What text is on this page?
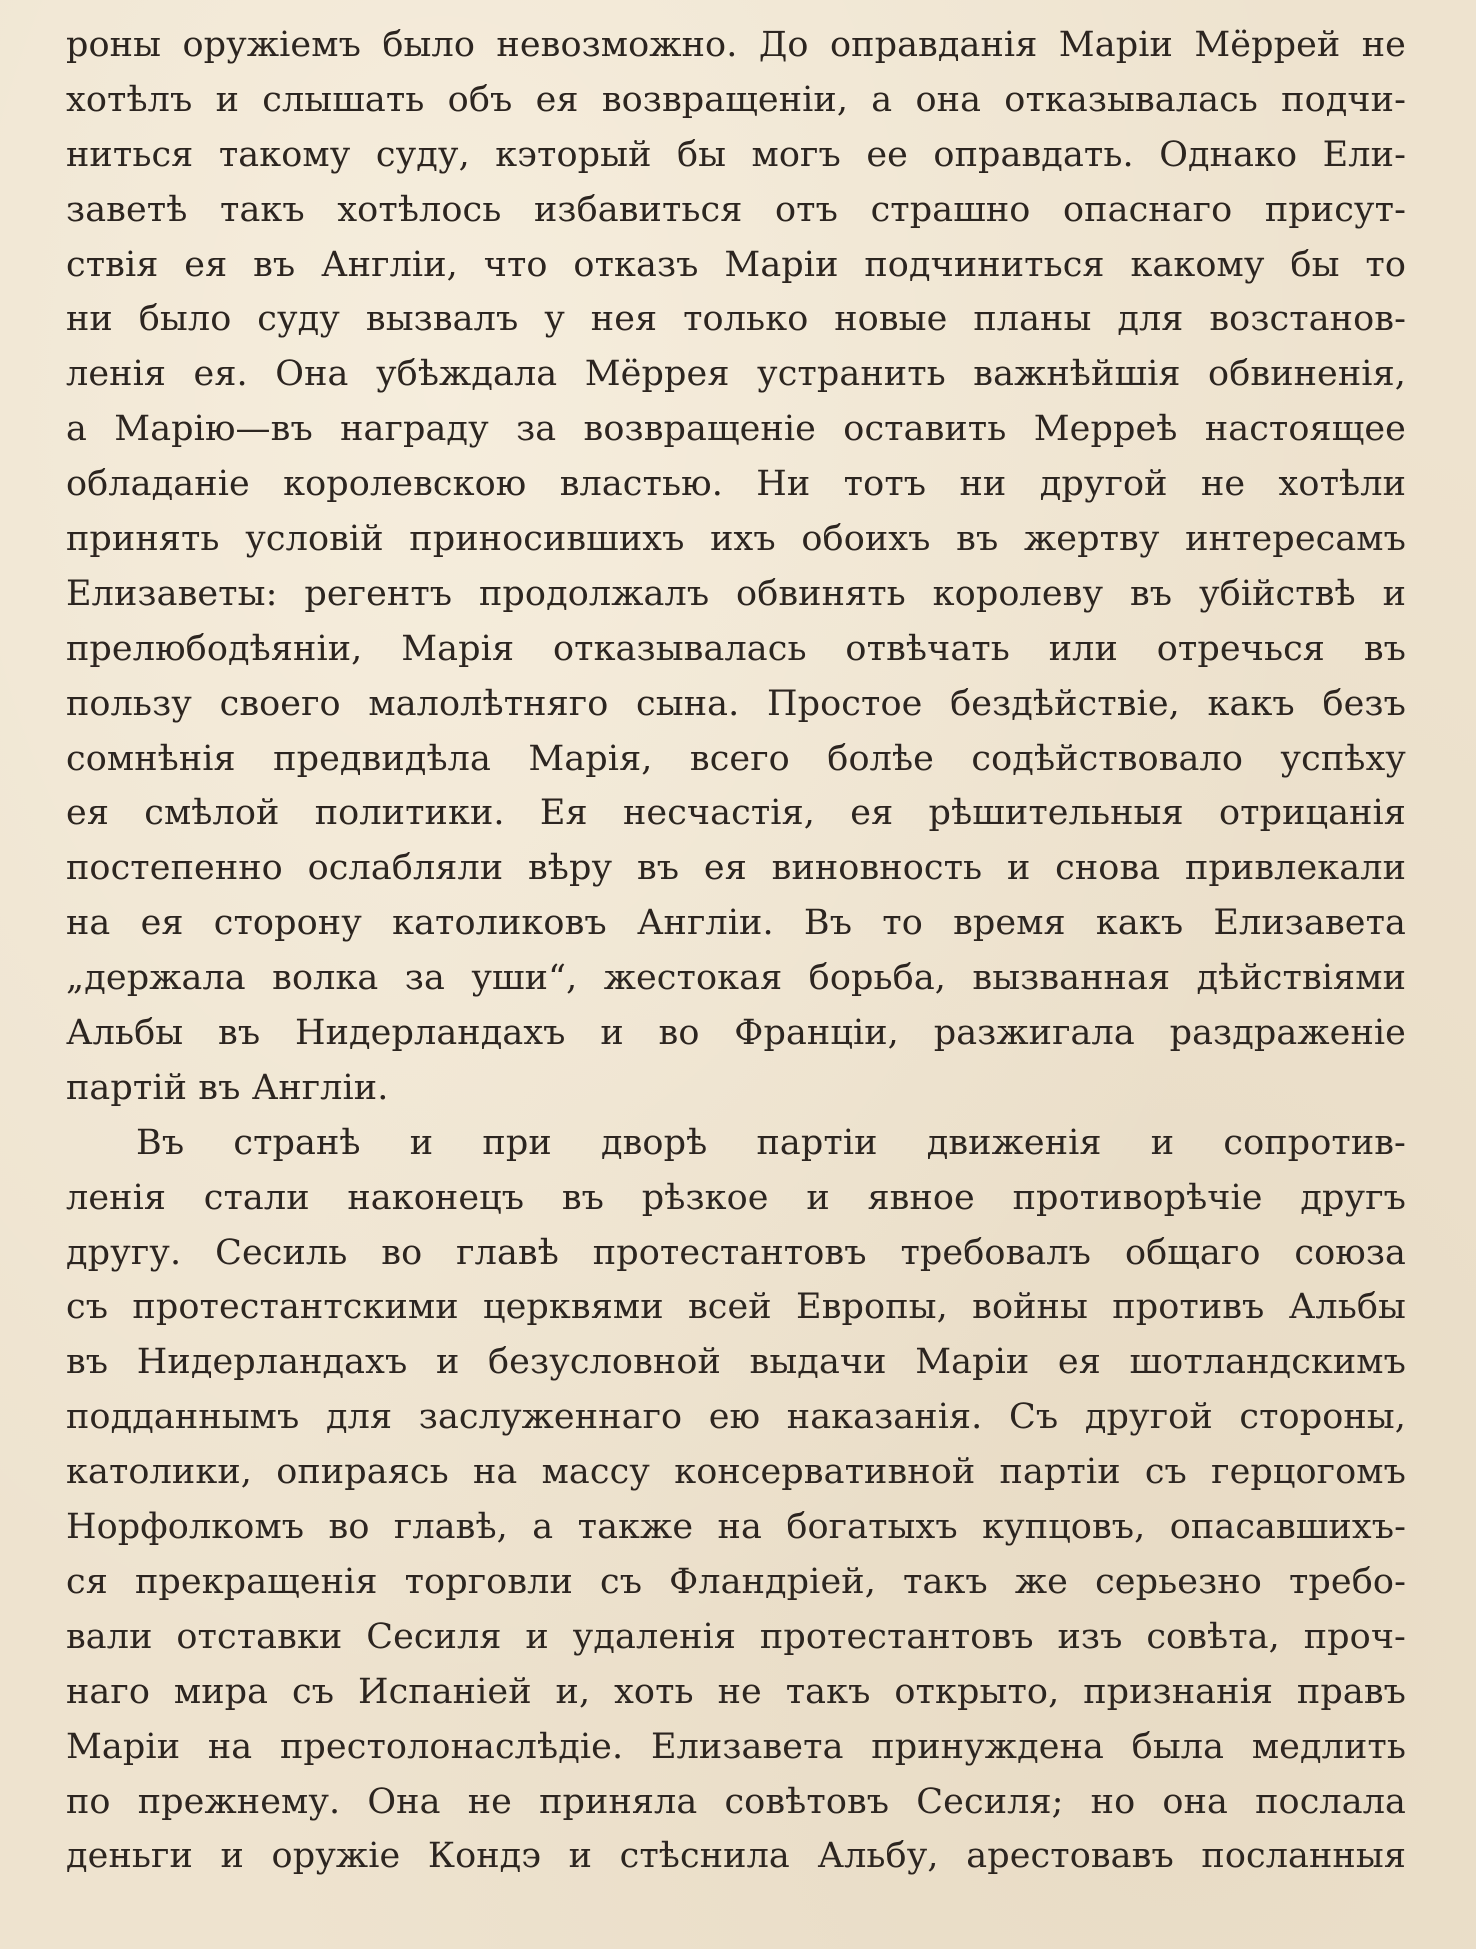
роны оружіемъ было невозможно. До оправданія Маріи Мёррей не
хотѣлъ и слышать объ ея возвращеніи, а она отказывалась подчи-
ниться такому суду, кэторый бы могъ ее оправдать. Однако Ели-
заветѣ такъ хотѣлось избавиться отъ страшно опаснаго присут-
ствія ея въ Англіи, что отказъ Маріи подчиниться какому бы то
ни было суду вызвалъ у нея только новые планы для возстанов-
ленія ея. Она убѣждала Мёррея устранить важнѣйшія обвиненія,
а Марію—въ награду за возвращеніе оставить Мерреѣ настоящее
обладаніе королевскою властью. Ни тотъ ни другой не хотѣли
принять условій приносившихъ ихъ обоихъ въ жертву интересамъ
Елизаветы: регентъ продолжалъ обвинять королеву въ убійствѣ и
прелюбодѣяніи, Марія отказывалась отвѣчать или отречься въ
пользу своего малолѣтняго сына. Простое бездѣйствіе, какъ безъ
сомнѣнія предвидѣла Марія, всего болѣе содѣйствовало успѣху
ея смѣлой политики. Ея несчастія, ея рѣшительныя отрицанія
постепенно ослабляли вѣру въ ея виновность и снова привлекали
на ея сторону католиковъ Англіи. Въ то время какъ Елизавета
„держала волка за уши“, жестокая борьба, вызванная дѣйствіями
Альбы въ Нидерландахъ и во Франціи, разжигала раздраженіе
партій въ Англіи.
Въ странѣ и при дворѣ партіи движенія и сопротив-
ленія стали наконецъ въ рѣзкое и явное противорѣчіе другъ
другу. Сесиль во главѣ протестантовъ требовалъ общаго союза
съ протестантскими церквями всей Европы, войны противъ Альбы
въ Нидерландахъ и безусловной выдачи Маріи ея шотландскимъ
подданнымъ для заслуженнаго ею наказанія. Съ другой стороны,
католики, опираясь на массу консервативной партіи съ герцогомъ
Норфолкомъ во главѣ, а также на богатыхъ купцовъ, опасавшихъ-
ся прекращенія торговли съ Фландріей, такъ же серьезно требо-
вали отставки Сесиля и удаленія протестантовъ изъ совѣта, проч-
наго мира съ Испаніей и, хоть не такъ открыто, признанія правъ
Маріи на престолонаслѣдіе. Елизавета принуждена была медлить
по прежнему. Она не приняла совѣтовъ Сесиля; но она послала
деньги и оружіе Кондэ и стѣснила Альбу, арестовавъ посланныя
